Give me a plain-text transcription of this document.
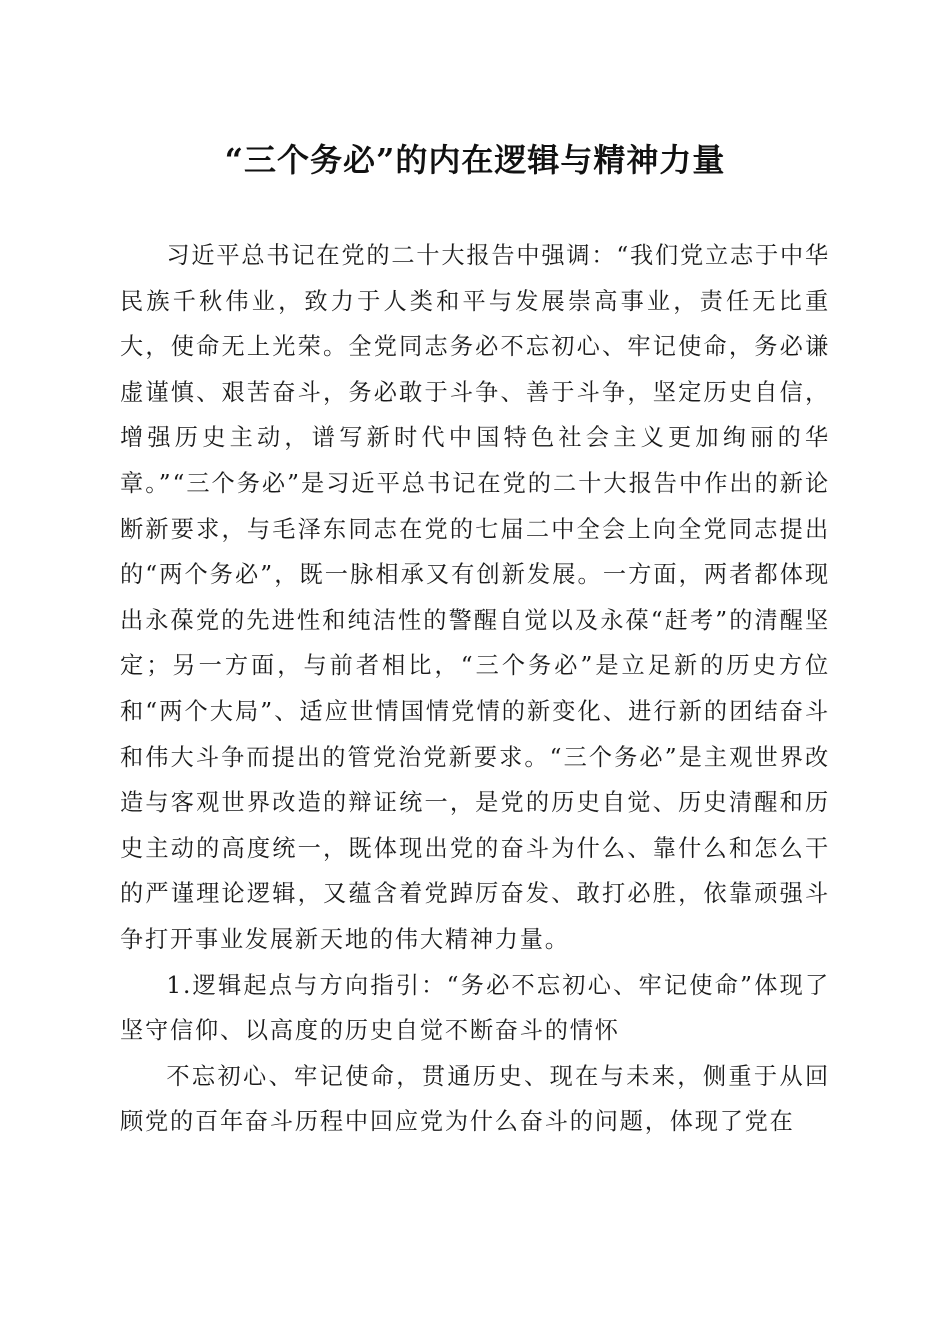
“三个务必”的内在逻辑与精神力量

习近平总书记在党的二十大报告中强调：“我们党立志于中华民族千秋伟业，致力于人类和平与发展崇高事业，责任无比重大，使命无上光荣。全党同志务必不忘初心、牢记使命，务必谦虚谨慎、艰苦奋斗，务必敢于斗争、善于斗争，坚定历史自信，增强历史主动，谱写新时代中国特色社会主义更加绚丽的华章。”“三个务必”是习近平总书记在党的二十大报告中作出的新论断新要求，与毛泽东同志在党的七届二中全会上向全党同志提出的“两个务必”，既一脉相承又有创新发展。一方面，两者都体现出永葆党的先进性和纯洁性的警醒自觉以及永葆“赶考”的清醒坚定；另一方面，与前者相比，“三个务必”是立足新的历史方位和“两个大局”、适应世情国情党情的新变化、进行新的团结奋斗和伟大斗争而提出的管党治党新要求。“三个务必”是主观世界改造与客观世界改造的辩证统一，是党的历史自觉、历史清醒和历史主动的高度统一，既体现出党的奋斗为什么、靠什么和怎么干的严谨理论逻辑，又蕴含着党踔厉奋发、敢打必胜，依靠顽强斗争打开事业发展新天地的伟大精神力量。

1.逻辑起点与方向指引：“务必不忘初心、牢记使命”体现了坚守信仰、以高度的历史自觉不断奋斗的情怀

不忘初心、牢记使命，贯通历史、现在与未来，侧重于从回顾党的百年奋斗历程中回应党为什么奋斗的问题，体现了党在
